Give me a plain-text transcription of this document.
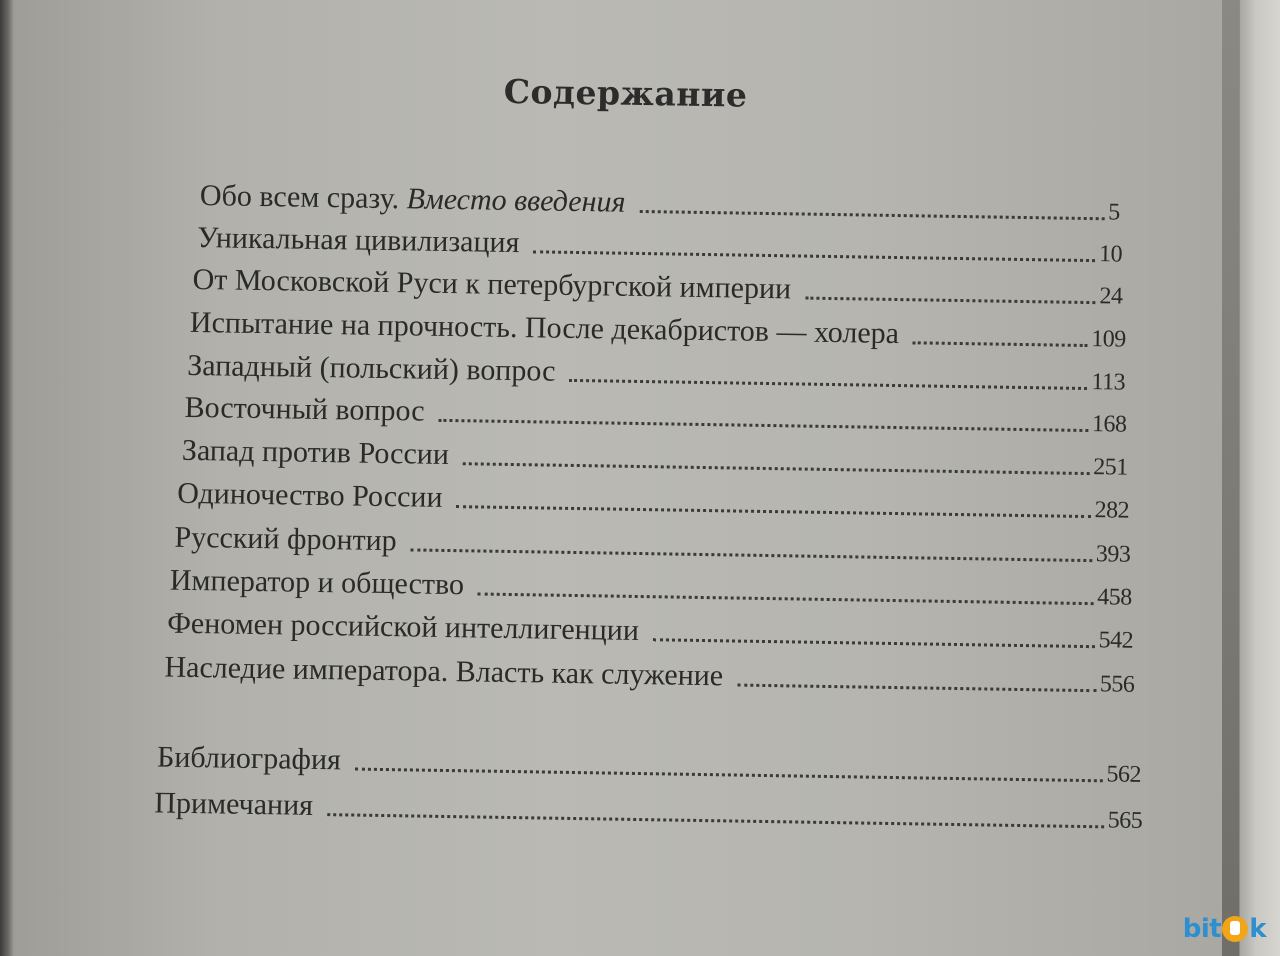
Содержание
Обо всем сразу. Вместо введения	5
Уникальная цивилизация	10
От Московской Руси к петербургской империи	24
Испытание на прочность. После декабристов — холера	109
Западный (польский) вопрос	113
Восточный вопрос	168
Запад против России	251
Одиночество России	282
Русский фронтир	393
Император и общество	458
Феномен российской интеллигенции	542
Наследие императора. Власть как служение	556
Библиография	562
Примечания	565
bit k
